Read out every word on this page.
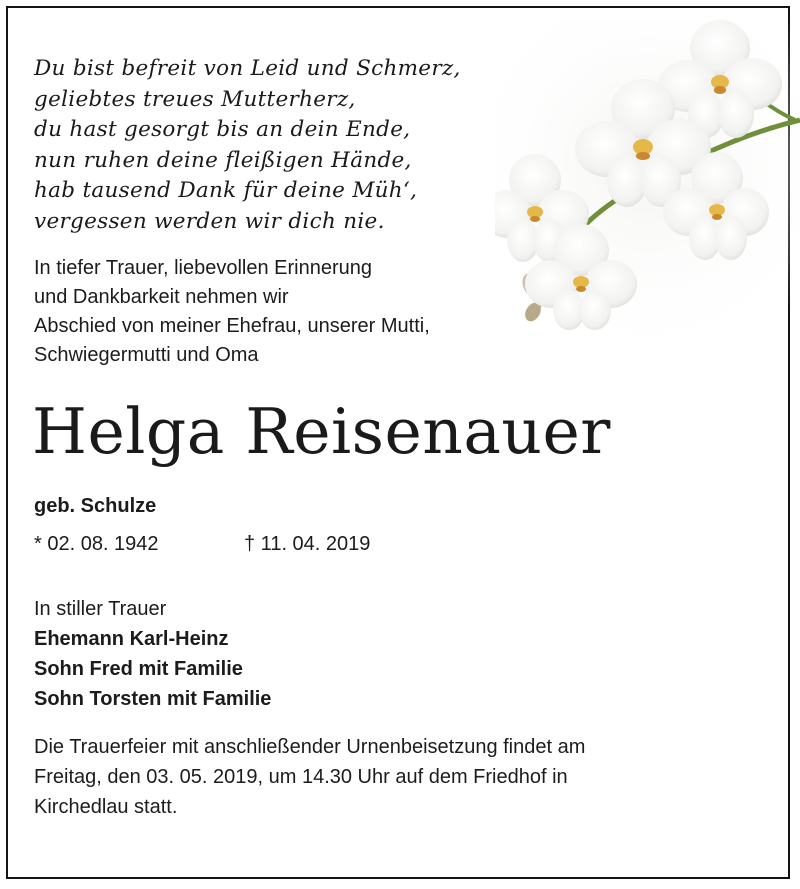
Du bist befreit von Leid und Schmerz,
geliebtes treues Mutterherz,
du hast gesorgt bis an dein Ende,
nun ruhen deine fleißigen Hände,
hab tausend Dank für deine Müh‘,
vergessen werden wir dich nie.
In tiefer Trauer, liebevollen Erinnerung
und Dankbarkeit nehmen wir
Abschied von meiner Ehefrau, unserer Mutti,
Schwiegermutti und Oma
Helga Reisenauer
geb. Schulze
* 02. 08. 1942	† 11. 04. 2019
In stiller Trauer
Ehemann Karl-Heinz
Sohn Fred mit Familie
Sohn Torsten mit Familie
Die Trauerfeier mit anschließender Urnenbeisetzung findet am
Freitag, den 03. 05. 2019, um 14.30 Uhr auf dem Friedhof in
Kirchedlau statt.
